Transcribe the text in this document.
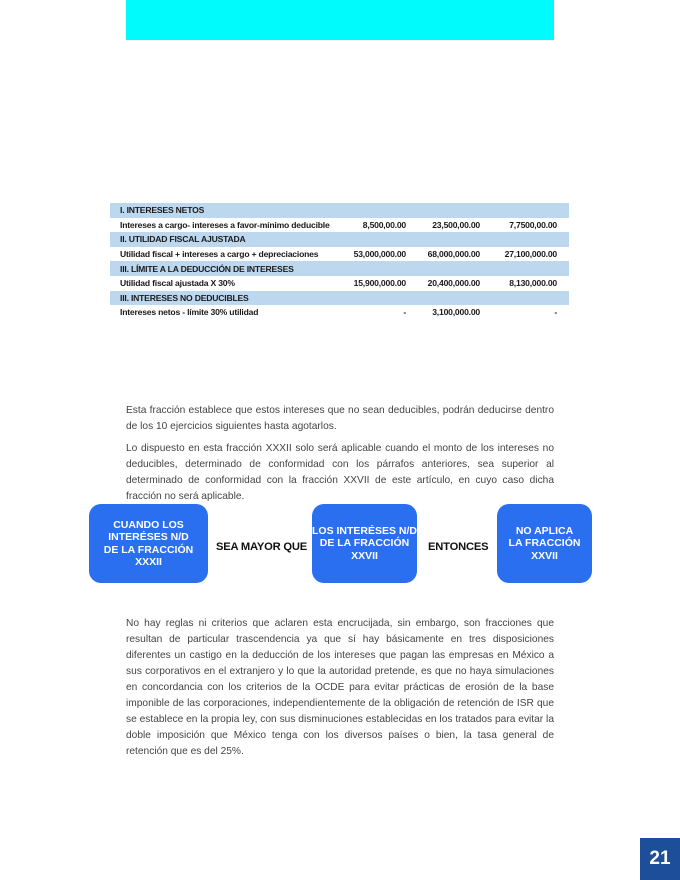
I. INTERESES NETOS
Intereses a cargo- intereses a favor-mínimo deducible	8,500,00.00	23,500,00.00	7,7500,00.00
II. UTILIDAD FISCAL AJUSTADA
Utilidad fiscal + intereses a cargo + depreciaciones	53,000,000.00	68,000,000.00	27,100,000.00
III. LÍMITE A LA DEDUCCIÓN DE INTERESES
Utilidad fiscal ajustada X 30%	15,900,000.00	20,400,000.00	8,130,000.00
III. INTERESES NO DEDUCIBLES
Intereses netos - límite 30% utilidad	-	3,100,000.00	-

Esta fracción establece que estos intereses que no sean deducibles, podrán deducirse dentro de los 10 ejercicios siguientes hasta agotarlos.

Lo dispuesto en esta fracción XXXII solo será aplicable cuando el monto de los intereses no deducibles, determinado de conformidad con los párrafos anteriores, sea superior al determinado de conformidad con la fracción XXVII de este artículo, en cuyo caso dicha fracción no será aplicable.

CUANDO LOS
INTERÉSES N/D
DE LA FRACCIÓN XXXII
SEA MAYOR QUE
LOS INTERÉSES N/D
DE LA FRACCIÓN
XXVII
ENTONCES
NO APLICA
LA FRACCIÓN
XXVII

No hay reglas ni criterios que aclaren esta encrucijada, sin embargo, son fracciones que resultan de particular trascendencia ya que sí hay básicamente en tres disposiciones diferentes un castigo en la deducción de los intereses que pagan las empresas en México a sus corporativos en el extranjero y lo que la autoridad pretende, es que no haya simulaciones en concordancia con los criterios de la OCDE para evitar prácticas de erosión de la base imponible de las corporaciones, independientemente de la obligación de retención de ISR que se establece en la propia ley, con sus disminuciones establecidas en los tratados para evitar la doble imposición que México tenga con los diversos países o bien, la tasa general de retención que es del 25%.

21
